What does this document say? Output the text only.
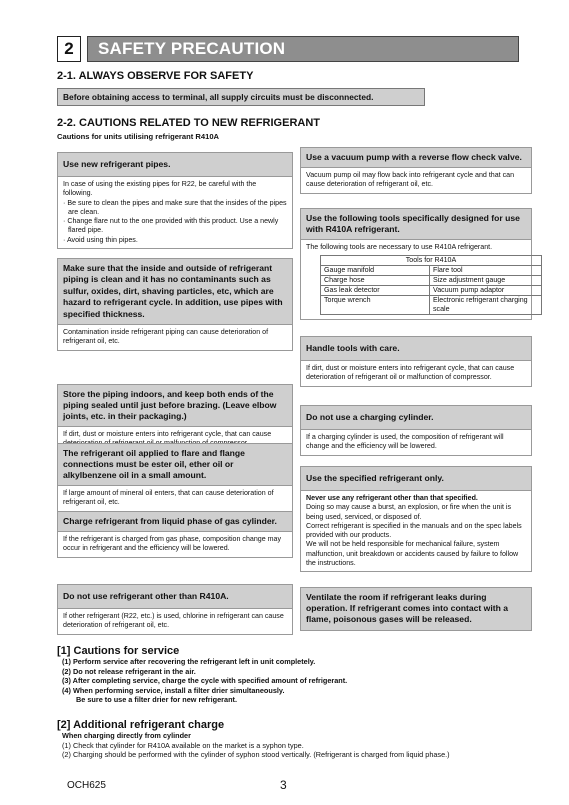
2	SAFETY PRECAUTION
2-1. ALWAYS OBSERVE FOR SAFETY
Before obtaining access to terminal, all supply circuits must be disconnected.
2-2. CAUTIONS RELATED TO NEW REFRIGERANT
Cautions for units utilising refrigerant R410A
Use new refrigerant pipes.
In case of using the existing pipes for R22, be careful with the following.
· Be sure to clean the pipes and make sure that the insides of the pipes are clean.
· Change flare nut to the one provided with this product. Use a newly flared pipe.
· Avoid using thin pipes.
Make sure that the inside and outside of refrigerant piping is clean and it has no contaminants such as sulfur, oxides, dirt, shaving particles, etc, which are hazard to refrigerant cycle. In addition, use pipes with specified thickness.
Contamination inside refrigerant piping can cause deterioration of refrigerant oil, etc.
Store the piping indoors, and keep both ends of the piping sealed until just before brazing. (Leave elbow joints, etc. in their packaging.)
If dirt, dust or moisture enters into refrigerant cycle, that can cause
The refrigerant oil applied to flare and flange connections must be ester oil, ether oil or alkylbenzene oil in a small amount.
If large amount of mineral oil enters, that can cause deterioration of refrigerant oil, etc.
Charge refrigerant from liquid phase of gas cylinder.
If the refrigerant is charged from gas phase, composition change may occur in refrigerant and the efficiency will be lowered.
Do not use refrigerant other than R410A.
If other refrigerant (R22, etc.) is used, chlorine in refrigerant can cause deterioration of refrigerant oil, etc.
Use a vacuum pump with a reverse flow check valve.
Vacuum pump oil may flow back into refrigerant cycle and that can cause deterioration of refrigerant oil, etc.
Use the following tools specifically designed for use with R410A refrigerant.
The following tools are necessary to use R410A refrigerant.
Tools for R410A	
Gauge manifold	Flare tool
Charge hose	Size adjustment gauge
Gas leak detector	Vacuum pump adaptor
Torque wrench	Electronic refrigerant charging scale
Handle tools with care.
If dirt, dust or moisture enters into refrigerant cycle, that can cause deterioration of refrigerant oil or malfunction of compressor.
Do not use a charging cylinder.
If a charging cylinder is used, the composition of refrigerant will change and the efficiency will be lowered.
Use the specified refrigerant only.
Never use any refrigerant other than that specified.
Doing so may cause a burst, an explosion, or fire when the unit is being used, serviced, or disposed of.
Correct refrigerant is specified in the manuals and on the spec labels provided with our products.
We will not be held responsible for mechanical failure, system malfunction, unit breakdown or accidents caused by failure to follow the instructions.
Ventilate the room if refrigerant leaks during operation. If refrigerant comes into contact with a flame, poisonous gases will be released.
[1] Cautions for service
(1) Perform service after recovering the refrigerant left in unit completely.
(2) Do not release refrigerant in the air.
(3) After completing service, charge the cycle with specified amount of refrigerant.
(4) When performing service, install a filter drier simultaneously.
Be sure to use a filter drier for new refrigerant.
[2] Additional refrigerant charge
When charging directly from cylinder
(1) Check that cylinder for R410A available on the market is a syphon type.
(2) Charging should be performed with the cylinder of syphon stood vertically. (Refrigerant is charged from liquid phase.)
OCH625	3
